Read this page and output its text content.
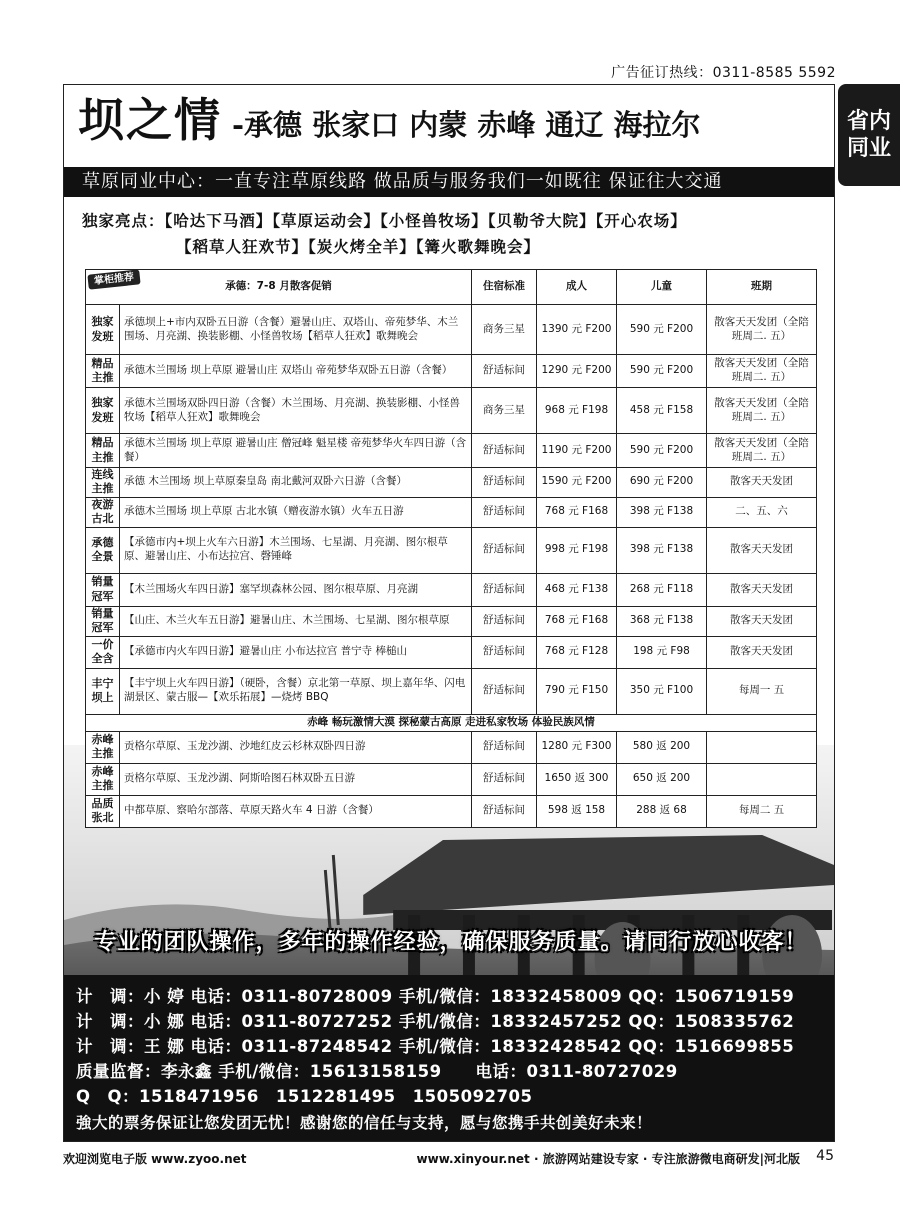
广告征订热线：0311-8585 5592
省内
同业
坝之情 -承德 张家口 内蒙 赤峰 通辽 海拉尔
草原同业中心：一直专注草原线路 做品质与服务我们一如既往 保证往大交通
独家亮点：【哈达下马酒】【草原运动会】【小怪兽牧场】【贝勒爷大院】【开心农场】
【稻草人狂欢节】【炭火烤全羊】【篝火歌舞晚会】
掌柜推荐 承德：7-8 月散客促销		住宿标准	成人	儿童	班期
独家发班	承德坝上+市内双卧五日游（含餐）避暑山庄、双塔山、帝苑梦华、木兰围场、月亮湖、换装影棚、小怪兽牧场【稻草人狂欢】歌舞晚会	商务三星	1390 元 F200	590 元 F200	散客天天发团（全陪班周二. 五）
精品主推	承德木兰围场 坝上草原 避暑山庄 双塔山 帝苑梦华双卧五日游（含餐）	舒适标间	1290 元 F200	590 元 F200	散客天天发团（全陪班周二. 五）
独家发班	承德木兰围场双卧四日游（含餐）木兰围场、月亮湖、换装影棚、小怪兽牧场【稻草人狂欢】歌舞晚会	商务三星	968 元 F198	458 元 F158	散客天天发团（全陪班周二. 五）
精品主推	承德木兰围场 坝上草原 避暑山庄 僧冠峰 魁星楼 帝苑梦华火车四日游（含餐）	舒适标间	1190 元 F200	590 元 F200	散客天天发团（全陪班周二. 五）
连线主推	承德 木兰围场 坝上草原秦皇岛 南北戴河双卧六日游（含餐）	舒适标间	1590 元 F200	690 元 F200	散客天天发团
夜游古北	承德木兰围场 坝上草原 古北水镇（赠夜游水镇）火车五日游	舒适标间	768 元 F168	398 元 F138	二、五、六
承德全景	【承德市内+坝上火车六日游】木兰围场、七星湖、月亮湖、图尔根草原、避暑山庄、小布达拉宫、磬锤峰	舒适标间	998 元 F198	398 元 F138	散客天天发团
销量冠军	【木兰围场火车四日游】塞罕坝森林公园、图尔根草原、月亮湖	舒适标间	468 元 F138	268 元 F118	散客天天发团
销量冠军	【山庄、木兰火车五日游】避暑山庄、木兰围场、七星湖、图尔根草原	舒适标间	768 元 F168	368 元 F138	散客天天发团
一价全含	【承德市内火车四日游】避暑山庄 小布达拉宫 普宁寺 棒槌山	舒适标间	768 元 F128	198 元 F98	散客天天发团
丰宁坝上	【丰宁坝上火车四日游】（硬卧，含餐）京北第一草原、坝上嘉年华、闪电湖景区、蒙古服—【欢乐拓展】—烧烤 BBQ	舒适标间	790 元 F150	350 元 F100	每周一 五
赤峰 畅玩激情大漠 探秘蒙古高原 走进私家牧场 体验民族风情					
赤峰主推	贡格尔草原、玉龙沙湖、沙地红皮云杉林双卧四日游	舒适标间	1280 元 F300	580 返 200	
赤峰主推	贡格尔草原、玉龙沙湖、阿斯哈图石林双卧五日游	舒适标间	1650 返 300	650 返 200	
品质张北	中都草原、察哈尔部落、草原天路火车 4 日游（含餐）	舒适标间	598 返 158	288 返 68	每周二 五
专业的团队操作，多年的操作经验，确保服务质量。请同行放心收客！
计　调：小 婷 电话：0311-80728009 手机/微信：18332458009 QQ：1506719159
计　调：小 娜 电话：0311-80727252 手机/微信：18332457252 QQ：1508335762
计　调：王 娜 电话：0311-87248542 手机/微信：18332428542 QQ：1516699855
质量监督：李永鑫 手机/微信：15613158159　　电话：0311-80727029
Q　Q：1518471956　1512281495　1505092705
強大的票务保证让您发团无忧！感谢您的信任与支持，愿与您携手共创美好未来！
欢迎浏览电子版 www.zyoo.net	www.xinyour.net · 旅游网站建设专家 · 专注旅游微电商研发|河北版 45
